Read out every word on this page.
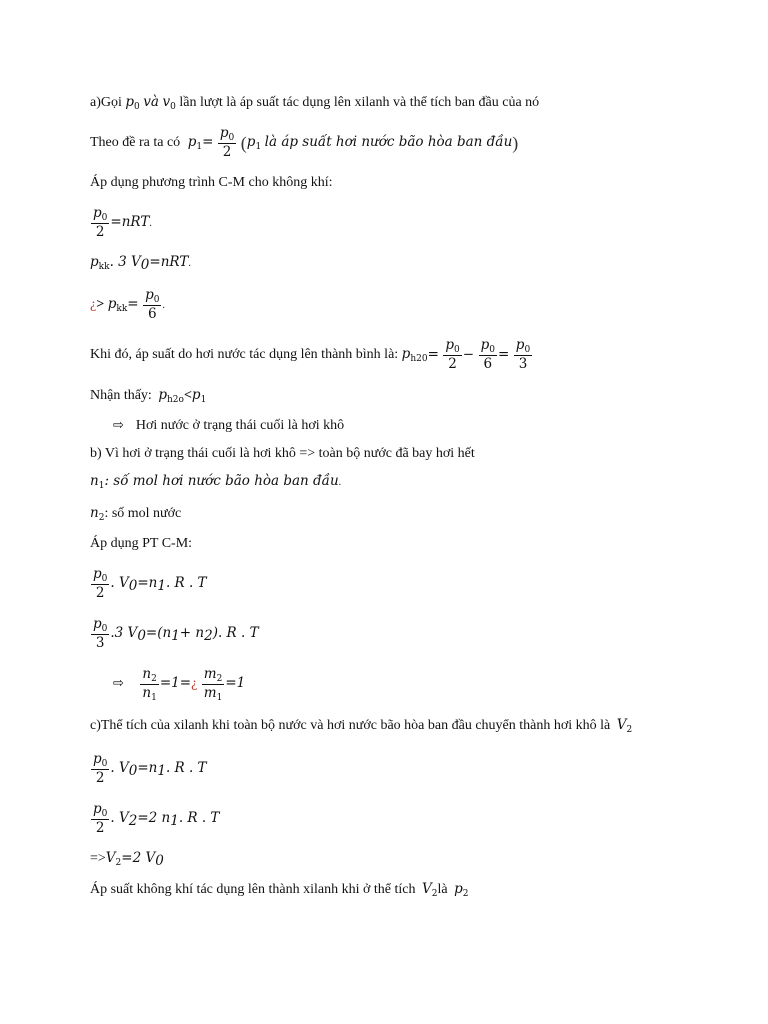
a)Gọi $p_0$ và $v_0$ lần lượt là áp suất tác dụng lên xilanh và thể tích ban đầu của nó
Theo đề ra ta có $p_1= \frac{p_0}{2} (p_1$ là áp suất hơi nước bão hòa ban đầu)
Áp dụng phương trình C-M cho không khí:
$\frac{p_0}{2} =nRT$.
$p_{kk}$. 3 $V_0=nRT$.
¿> $p_{kk}= \frac{p_0}{6}$ .
Khi đó, áp suất do hơi nước tác dụng lên thành bình là: $p_{h20}= \frac{p_0}{2} - \frac{p_0}{6} = \frac{p_0}{3}$
Nhận thấy: $p_{h2o}<p_1$
⇨ Hơi nước ở trạng thái cuối là hơi khô
b) Vì hơi ở trạng thái cuối là hơi khô => toàn bộ nước đã bay hơi hết
$n_1$: số mol hơi nước bão hòa ban đầu.
$n_2$: số mol nước
Áp dụng PT C-M:
$\frac{p_0}{2}$ . $V_0=n_1$. R . T
$\frac{p_0}{3} .3$ $V_0=(n_1+ n_2)$. R . T
⇨ $\frac{n_2}{n_1}$ =1=¿ $\frac{m_2}{m_1} =1$
c)Thể tích của xilanh khi toàn bộ nước và hơi nước bão hòa ban đầu chuyển thành hơi khô là $V_2$
$\frac{p_0}{2}$ . $V_0=n_1$. R . T
$\frac{p_0}{2}$ . $V_2=2$ $n_1$. R . T
$=>V_2=2$ $V_0$
Áp suất không khí tác dụng lên thành xilanh khi ở thể tích $V_2là$ $p_2$
